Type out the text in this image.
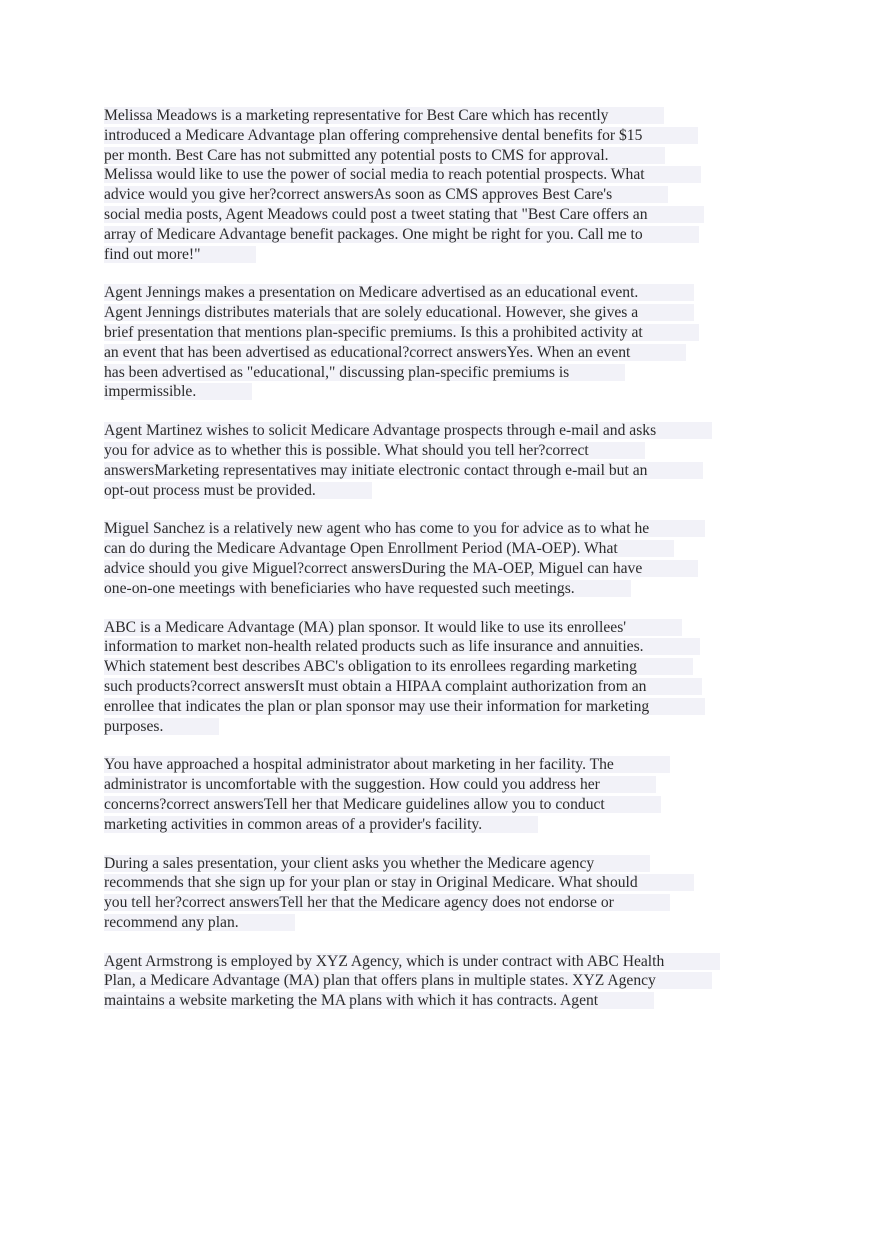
Melissa Meadows is a marketing representative for Best Care which has recently
introduced a Medicare Advantage plan offering comprehensive dental benefits for $15
per month. Best Care has not submitted any potential posts to CMS for approval.
Melissa would like to use the power of social media to reach potential prospects. What
advice would you give her?correct answersAs soon as CMS approves Best Care's
social media posts, Agent Meadows could post a tweet stating that "Best Care offers an
array of Medicare Advantage benefit packages. One might be right for you. Call me to
find out more!"
Agent Jennings makes a presentation on Medicare advertised as an educational event.
Agent Jennings distributes materials that are solely educational. However, she gives a
brief presentation that mentions plan-specific premiums. Is this a prohibited activity at
an event that has been advertised as educational?correct answersYes. When an event
has been advertised as "educational," discussing plan-specific premiums is
impermissible.
Agent Martinez wishes to solicit Medicare Advantage prospects through e-mail and asks
you for advice as to whether this is possible. What should you tell her?correct
answersMarketing representatives may initiate electronic contact through e-mail but an
opt-out process must be provided.
Miguel Sanchez is a relatively new agent who has come to you for advice as to what he
can do during the Medicare Advantage Open Enrollment Period (MA-OEP). What
advice should you give Miguel?correct answersDuring the MA-OEP, Miguel can have
one-on-one meetings with beneficiaries who have requested such meetings.
ABC is a Medicare Advantage (MA) plan sponsor. It would like to use its enrollees'
information to market non-health related products such as life insurance and annuities.
Which statement best describes ABC's obligation to its enrollees regarding marketing
such products?correct answersIt must obtain a HIPAA complaint authorization from an
enrollee that indicates the plan or plan sponsor may use their information for marketing
purposes.
You have approached a hospital administrator about marketing in her facility. The
administrator is uncomfortable with the suggestion. How could you address her
concerns?correct answersTell her that Medicare guidelines allow you to conduct
marketing activities in common areas of a provider's facility.
During a sales presentation, your client asks you whether the Medicare agency
recommends that she sign up for your plan or stay in Original Medicare. What should
you tell her?correct answersTell her that the Medicare agency does not endorse or
recommend any plan.
Agent Armstrong is employed by XYZ Agency, which is under contract with ABC Health
Plan, a Medicare Advantage (MA) plan that offers plans in multiple states. XYZ Agency
maintains a website marketing the MA plans with which it has contracts. Agent
